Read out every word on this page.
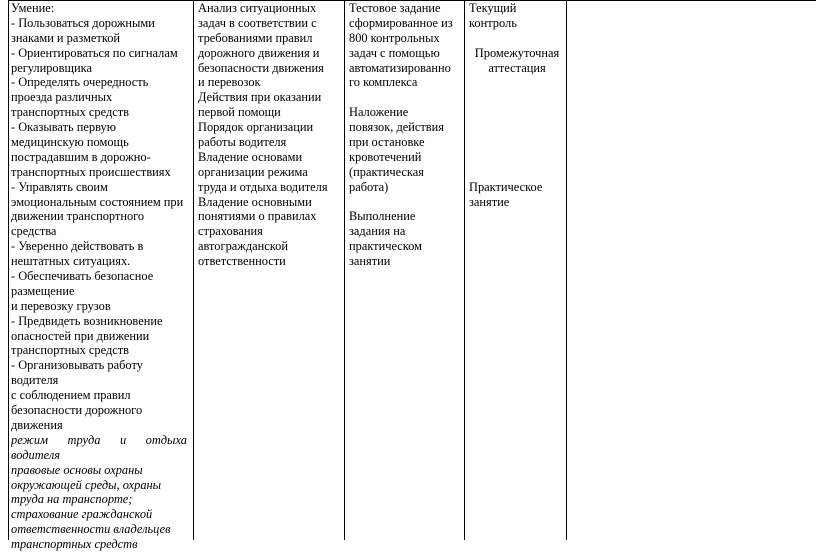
Умение:
- Пользоваться дорожными
знаками и разметкой
- Ориентироваться по сигналам
регулировщика
- Определять очередность
проезда различных
транспортных средств
- Оказывать первую
медицинскую помощь
пострадавшим в дорожно-
транспортных происшествиях
- Управлять своим
эмоциональным состоянием при
движении транспортного
средства
- Уверенно действовать в
нештатных ситуациях.
- Обеспечивать безопасное
размещение
и перевозку грузов
- Предвидеть возникновение
опасностей при движении
транспортных средств
- Организовывать работу
водителя
с соблюдением правил
безопасности дорожного
движения
режим труда и отдыха
водителя
правовые основы охраны
окружающей среды, охраны
труда на транспорте;
страхование гражданской
ответственности владельцев
транспортных средств
Анализ ситуационных
задач в соответствии с
требованиями правил
дорожного движения и
безопасности движения
и перевозок
Действия при оказании
первой помощи
Порядок организации
работы водителя
Владение основами
организации режима
труда и отдыха водителя
Владение основными
понятиями о правилах
страхования
автогражданской
ответственности
Тестовое задание
сформированное из
800 контрольных
задач с помощью
автоматизированно
го комплекса
Наложение
повязок, действия
при остановке
кровотечений
(практическая
работа)
Выполнение
задания на
практическом
занятии
Текущий
контроль
Промежуточная
аттестация
Практическое
занятие
